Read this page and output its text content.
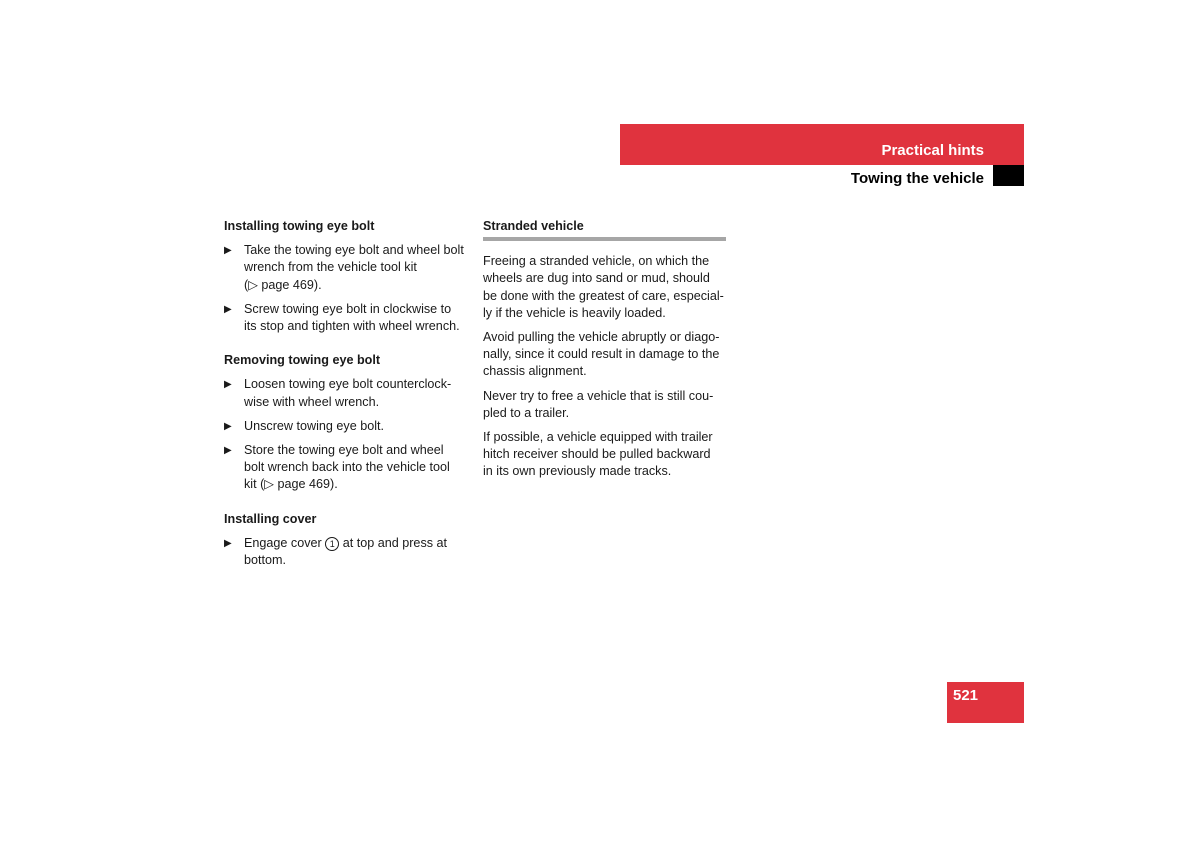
Practical hints
Towing the vehicle
Installing towing eye bolt
▶ Take the towing eye bolt and wheel bolt

wrench from the vehicle tool kit

(▷ page 469).

▶ Screw towing eye bolt in clockwise to

its stop and tighten with wheel wrench.

Removing towing eye bolt
▶ Loosen towing eye bolt counterclock-

wise with wheel wrench.

▶ Unscrew towing eye bolt.

▶ Store the towing eye bolt and wheel

bolt wrench back into the vehicle tool

kit (▷ page 469).

Installing cover
▶ Engage cover 1 at top and press at

bottom.

Stranded vehicle
Freeing a stranded vehicle, on which the
wheels are dug into sand or mud, should
be done with the greatest of care, especial-
ly if the vehicle is heavily loaded.
Avoid pulling the vehicle abruptly or diago-
nally, since it could result in damage to the
chassis alignment.
Never try to free a vehicle that is still cou-
pled to a trailer.
If possible, a vehicle equipped with trailer
hitch receiver should be pulled backward
in its own previously made tracks.
521
